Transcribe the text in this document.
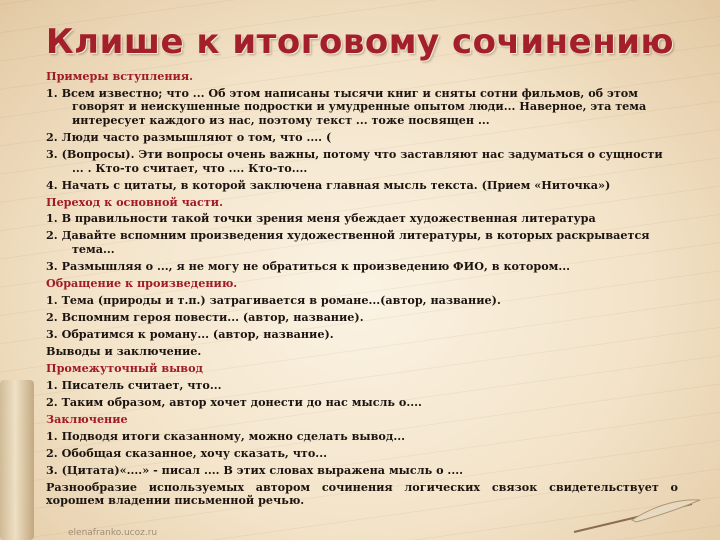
Клише к итоговому сочинению
Примеры вступления.
1. Всем известно; что ... Об этом написаны тысячи книг и сняты сотни фильмов, об этом говорят и неискушенные подростки и умудренные опытом люди... Наверное, эта тема интересует каждого из нас, поэтому текст ... тоже посвящен ...
2. Люди часто размышляют о том, что .... (
3. (Вопросы). Эти вопросы очень важны, потому что заставляют нас задуматься о сущности ... . Кто-то считает, что .... Кто-то....
4. Начать с цитаты, в которой заключена главная мысль текста. (Прием «Ниточка»)
Переход к основной части.
1. В правильности такой точки зрения меня убеждает художественная литература
2. Давайте вспомним произведения художественной литературы, в которых раскрывается тема...
3. Размышляя о ..., я не могу не обратиться к произведению ФИО, в котором...
Обращение к произведению.
1. Тема (природы и т.п.) затрагивается в романе...(автор, название).
2. Вспомним героя повести... (автор, название).
3. Обратимся к роману... (автор, название).
Выводы и заключение.
Промежуточный вывод
1. Писатель считает, что...
2. Таким образом, автор хочет донести до нас мысль о....
Заключение
1. Подводя итоги сказанному, можно сделать вывод...
2. Обобщая сказанное, хочу сказать, что...
3. (Цитата)«....» - писал .... В этих словах выражена мысль о ....
Разнообразие используемых автором сочинения логических связок свидетельствует о хорошем владении письменной речью.
elenafranko.ucoz.ru
